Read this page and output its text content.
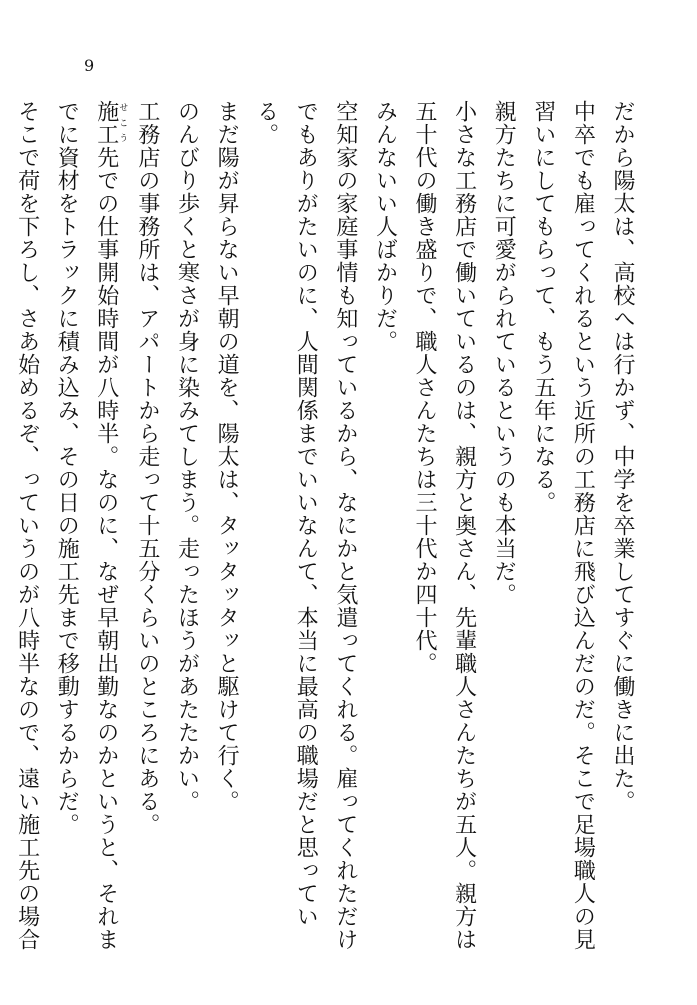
9

だから陽太は、高校へは行かず、中学を卒業してすぐに働きに出た。

中卒でも雇ってくれるという近所の工務店に飛び込んだのだ。そこで足場職人の見習いにしてもらって、もう五年になる。

親方たちに可愛がられているというのも本当だ。

小さな工務店で働いているのは、親方と奥さん、先輩職人さんたちが五人。親方は五十代の働き盛りで、職人さんたちは三十代か四十代。

みんないい人ばかりだ。

空知家の家庭事情も知っているから、なにかと気遣ってくれる。雇ってくれただけでもありがたいのに、人間関係までいいなんて、本当に最高の職場だと思っている。

まだ陽が昇らない早朝の道を、陽太は、タッタッタッと駆けて行く。

のんびり歩くと寒さが身に染みてしまう。走ったほうがあたたかい。

工務店の事務所は、アパートから走って十五分くらいのところにある。

施工せこう先での仕事開始時間が八時半。なのに、なぜ早朝出勤なのかというと、それまでに資材をトラックに積み込み、その日の施工先まで移動するからだ。

そこで荷を下ろし、さあ始めるぞ、っていうのが八時半なので、遠い施工先の場合
